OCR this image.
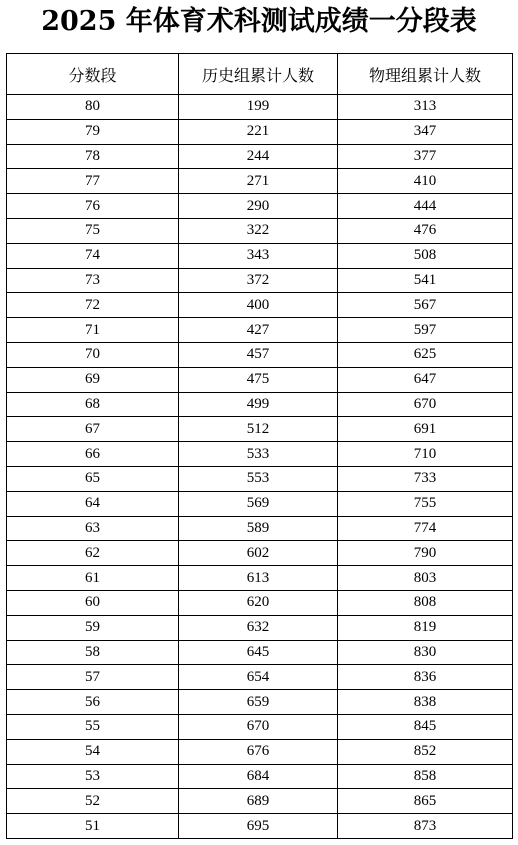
2025 年体育术科测试成绩一分段表
分数段	历史组累计人数	物理组累计人数
80	199	313
79	221	347
78	244	377
77	271	410
76	290	444
75	322	476
74	343	508
73	372	541
72	400	567
71	427	597
70	457	625
69	475	647
68	499	670
67	512	691
66	533	710
65	553	733
64	569	755
63	589	774
62	602	790
61	613	803
60	620	808
59	632	819
58	645	830
57	654	836
56	659	838
55	670	845
54	676	852
53	684	858
52	689	865
51	695	873
